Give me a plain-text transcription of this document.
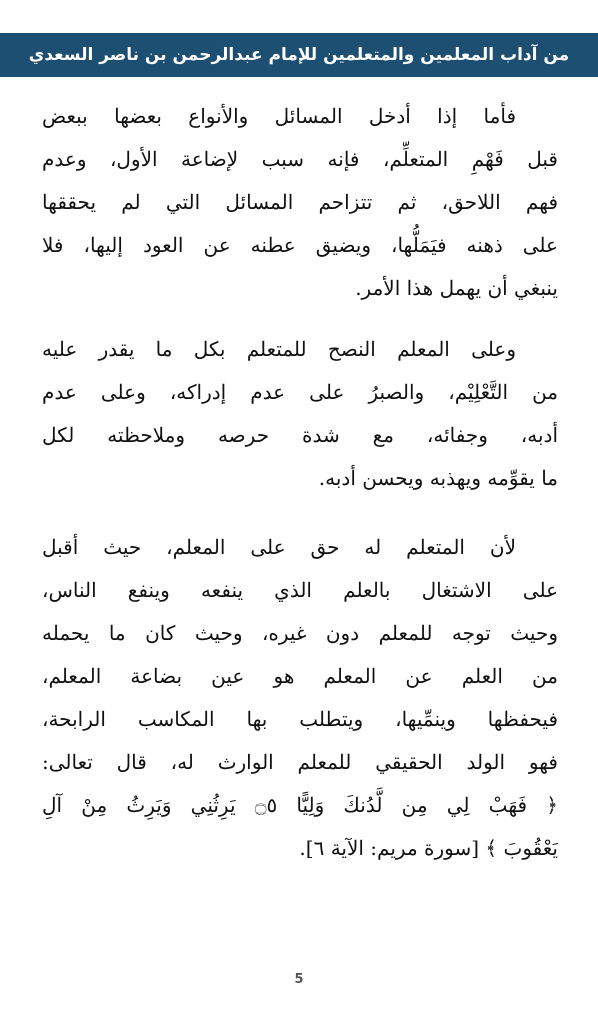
من آداب المعلمين والمتعلمين للإمام عبدالرحمن بن ناصر السعدي
فأما إذا أدخل المسائل والأنواع بعضها ببعض
قبل فَهْمِ المتعلِّم، فإنه سبب لإضاعة الأول، وعدم
فهم اللاحق، ثم تتزاحم المسائل التي لم يحققها
على ذهنه فيَمَلُّها، ويضيق عطنه عن العود إليها، فلا
ينبغي أن يهمل هذا الأمر.
وعلى المعلم النصح للمتعلم بكل ما يقدر عليه
من التَّعْلِيْم، والصبرُ على عدم إدراكه، وعلى عدم
أدبه، وجفائه، مع شدة حرصه وملاحظته لكل
ما يقوِّمه ويهذبه ويحسن أدبه.
لأن المتعلم له حق على المعلم، حيث أقبل
على الاشتغال بالعلم الذي ينفعه وينفع الناس،
وحيث توجه للمعلم دون غيره، وحيث كان ما يحمله
من العلم عن المعلم هو عين بضاعة المعلم،
فيحفظها وينمِّيها، ويتطلب بها المكاسب الرابحة،
فهو الولد الحقيقي للمعلم الوارث له، قال تعالى:
﴿ فَهَبْ لِي مِن لَّدُنكَ وَلِيًّا ۝٥ يَرِثُنِي وَيَرِثُ مِنْ آلِ
يَعْقُوبَ ﴾ [سورة مريم: الآية ٦].
5
